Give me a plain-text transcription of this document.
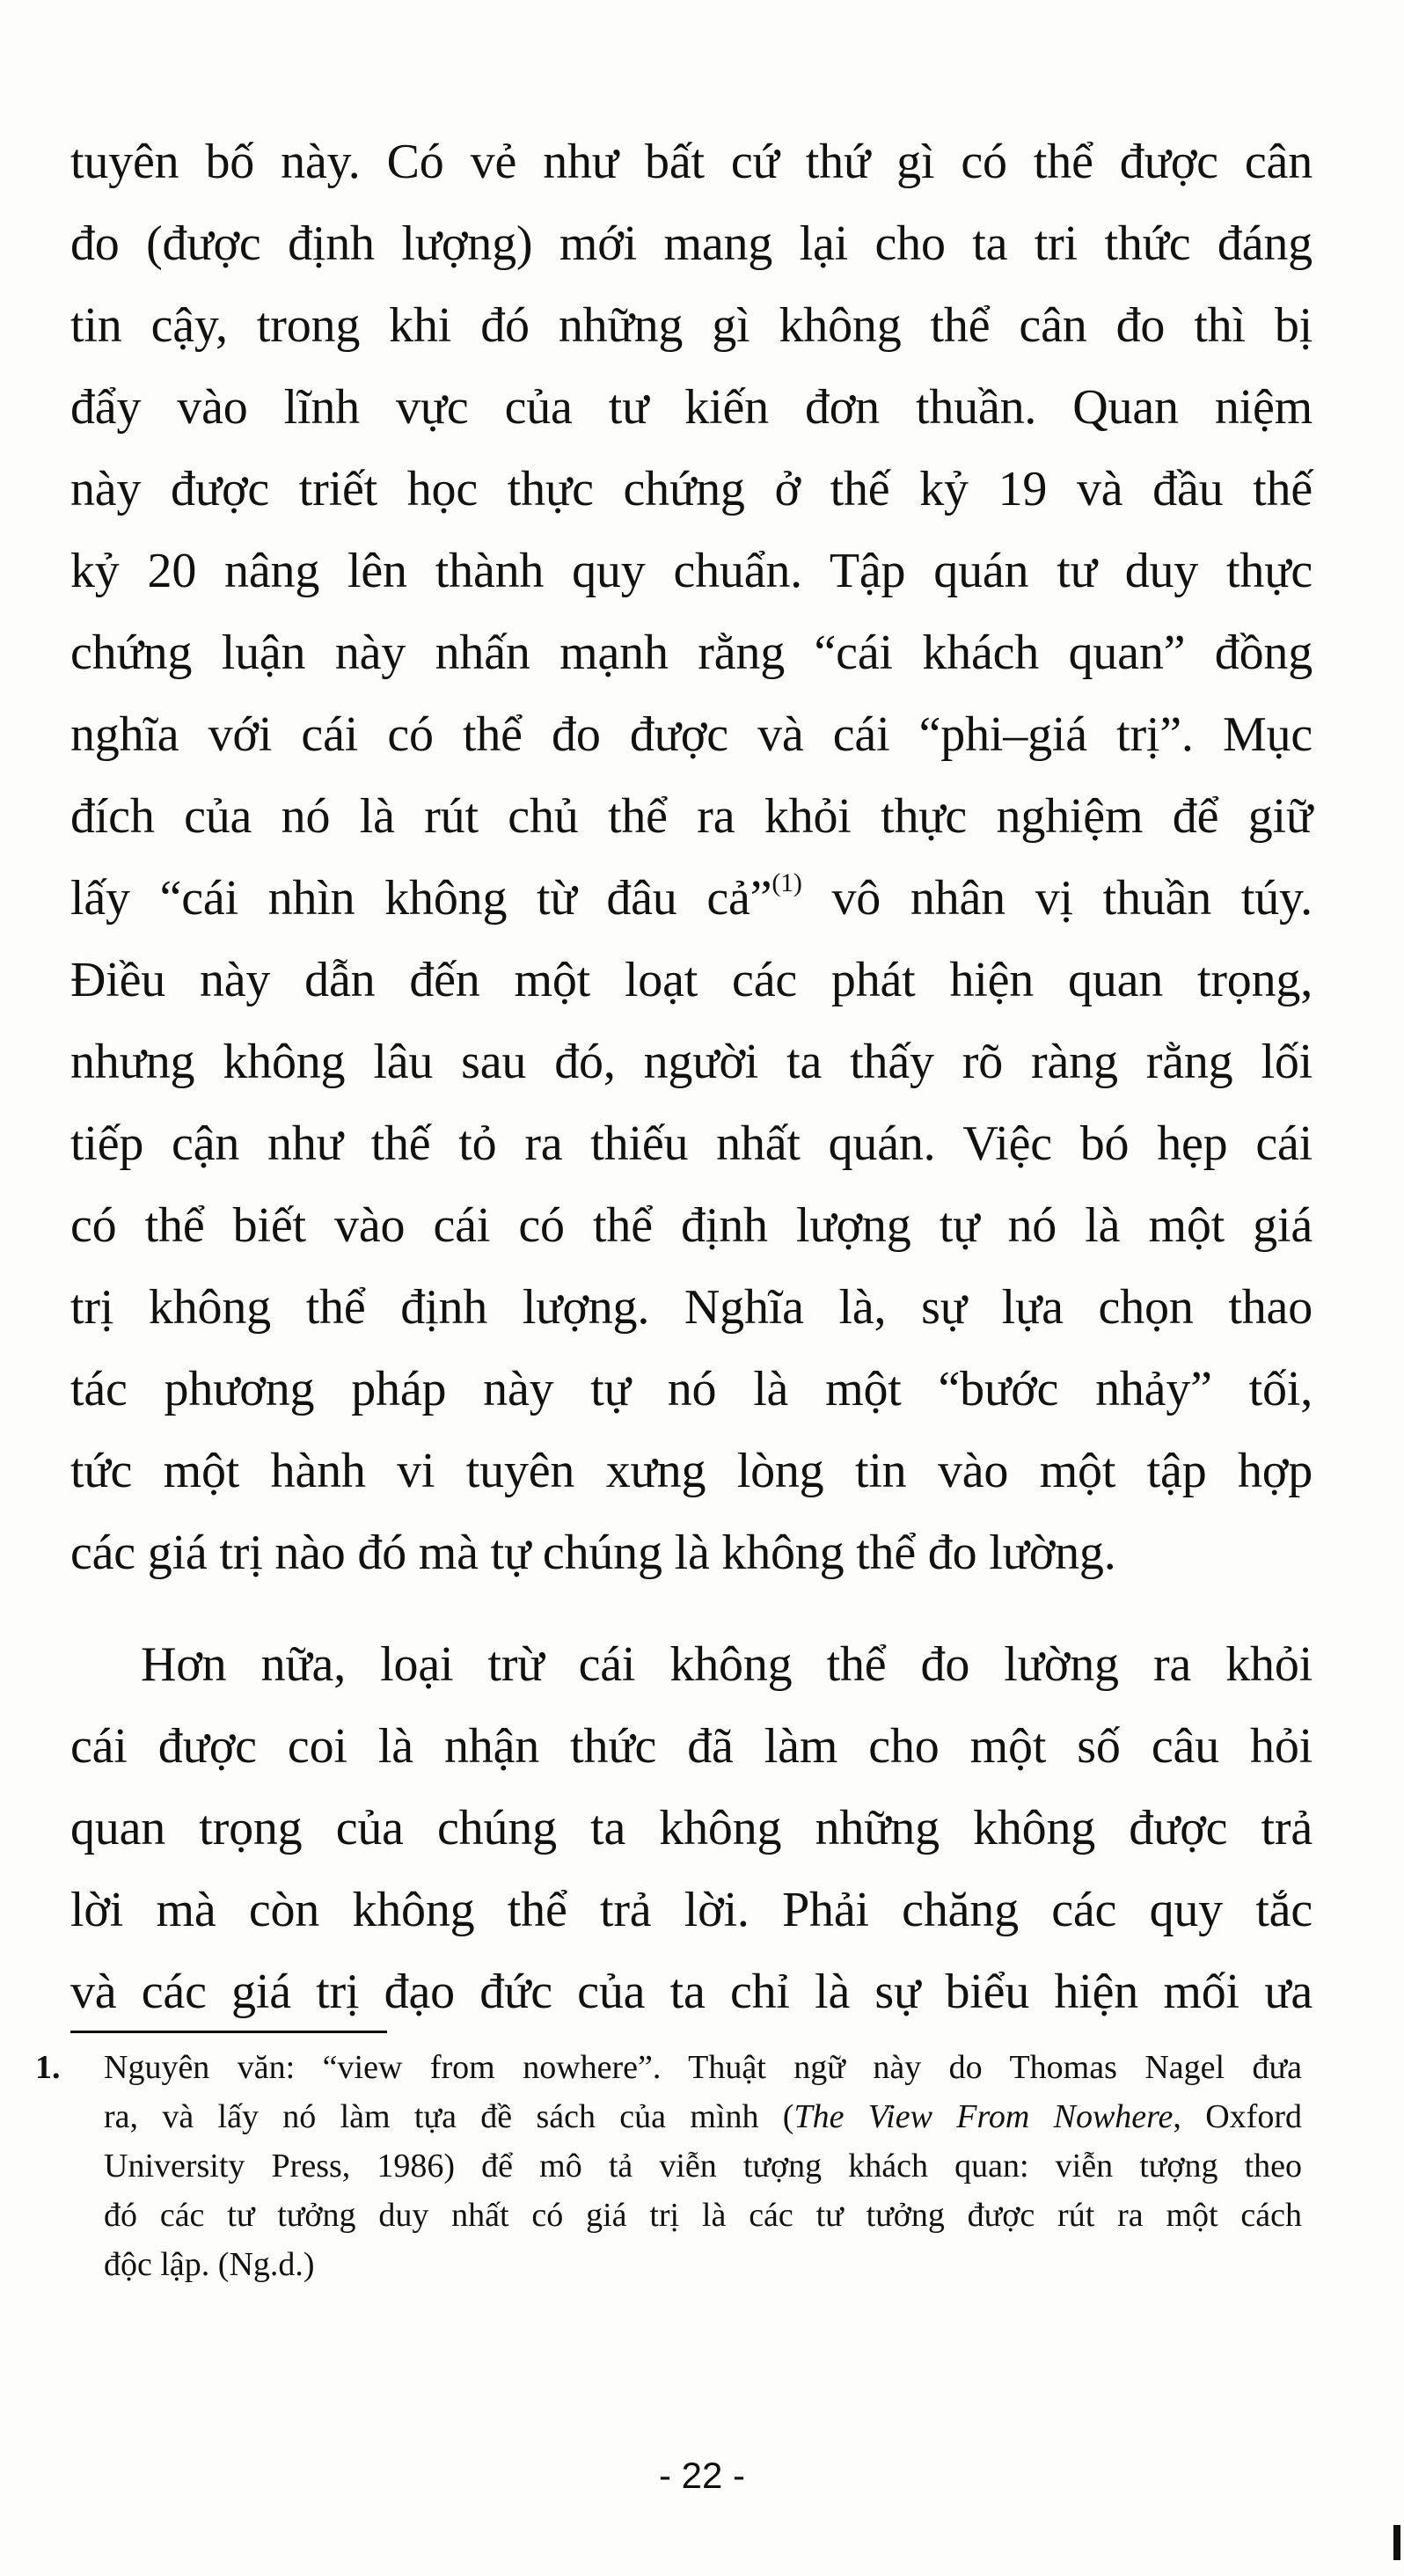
tuyên bố này. Có vẻ như bất cứ thứ gì có thể được cân
đo (được định lượng) mới mang lại cho ta tri thức đáng
tin cậy, trong khi đó những gì không thể cân đo thì bị
đẩy vào lĩnh vực của tư kiến đơn thuần. Quan niệm
này được triết học thực chứng ở thế kỷ 19 và đầu thế
kỷ 20 nâng lên thành quy chuẩn. Tập quán tư duy thực
chứng luận này nhấn mạnh rằng “cái khách quan” đồng
nghĩa với cái có thể đo được và cái “phi–giá trị”. Mục
đích của nó là rút chủ thể ra khỏi thực nghiệm để giữ
lấy “cái nhìn không từ đâu cả”$^{(1)}$ vô nhân vị thuần túy.
Điều này dẫn đến một loạt các phát hiện quan trọng,
nhưng không lâu sau đó, người ta thấy rõ ràng rằng lối
tiếp cận như thế tỏ ra thiếu nhất quán. Việc bó hẹp cái
có thể biết vào cái có thể định lượng tự nó là một giá
trị không thể định lượng. Nghĩa là, sự lựa chọn thao
tác phương pháp này tự nó là một “bước nhảy” tối,
tức một hành vi tuyên xưng lòng tin vào một tập hợp
các giá trị nào đó mà tự chúng là không thể đo lường.
Hơn nữa, loại trừ cái không thể đo lường ra khỏi
cái được coi là nhận thức đã làm cho một số câu hỏi
quan trọng của chúng ta không những không được trả
lời mà còn không thể trả lời. Phải chăng các quy tắc
và các giá trị đạo đức của ta chỉ là sự biểu hiện mối ưa
1.	Nguyên văn: “view from nowhere”. Thuật ngữ này do Thomas Nagel đưa
ra, và lấy nó làm tựa đề sách của mình (The View From Nowhere, Oxford
University Press, 1986) để mô tả viễn tượng khách quan: viễn tượng theo
đó các tư tưởng duy nhất có giá trị là các tư tưởng được rút ra một cách
độc lập. (Ng.d.)
- 22 -
